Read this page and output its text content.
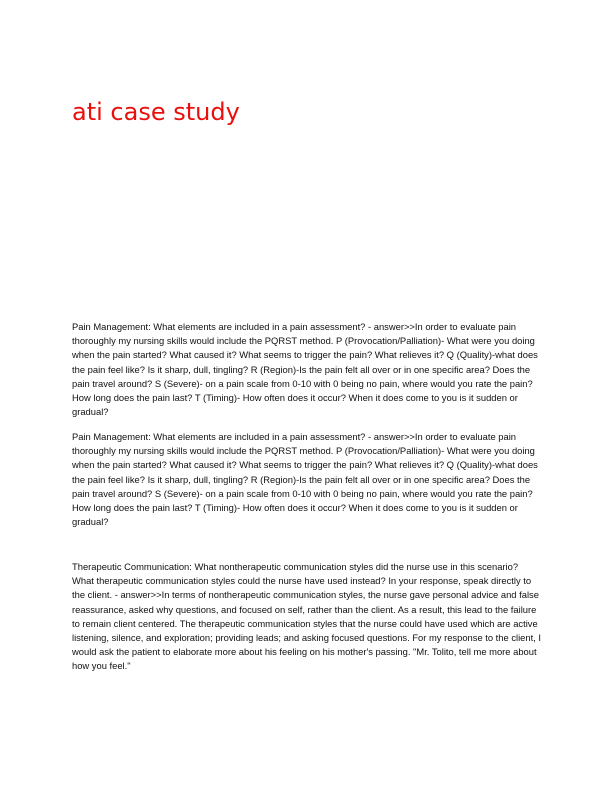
ati case study

Pain Management: What elements are included in a pain assessment? - answer>>In order to evaluate pain thoroughly my nursing skills would include the PQRST method. P (Provocation/Palliation)- What were you doing when the pain started? What caused it? What seems to trigger the pain? What relieves it? Q (Quality)-what does the pain feel like? Is it sharp, dull, tingling? R (Region)-Is the pain felt all over or in one specific area? Does the pain travel around? S (Severe)- on a pain scale from 0-10 with 0 being no pain, where would you rate the pain? How long does the pain last? T (Timing)- How often does it occur? When it does come to you is it sudden or gradual?

Pain Management: What elements are included in a pain assessment? - answer>>In order to evaluate pain thoroughly my nursing skills would include the PQRST method. P (Provocation/Palliation)- What were you doing when the pain started? What caused it? What seems to trigger the pain? What relieves it? Q (Quality)-what does the pain feel like? Is it sharp, dull, tingling? R (Region)-Is the pain felt all over or in one specific area? Does the pain travel around? S (Severe)- on a pain scale from 0-10 with 0 being no pain, where would you rate the pain? How long does the pain last? T (Timing)- How often does it occur? When it does come to you is it sudden or gradual?

Therapeutic Communication: What nontherapeutic communication styles did the nurse use in this scenario? What therapeutic communication styles could the nurse have used instead? In your response, speak directly to the client. - answer>>In terms of nontherapeutic communication styles, the nurse gave personal advice and false reassurance, asked why questions, and focused on self, rather than the client. As a result, this lead to the failure to remain client centered. The therapeutic communication styles that the nurse could have used which are active listening, silence, and exploration; providing leads; and asking focused questions. For my response to the client, I would ask the patient to elaborate more about his feeling on his mother's passing. "Mr. Tolito, tell me more about how you feel."
